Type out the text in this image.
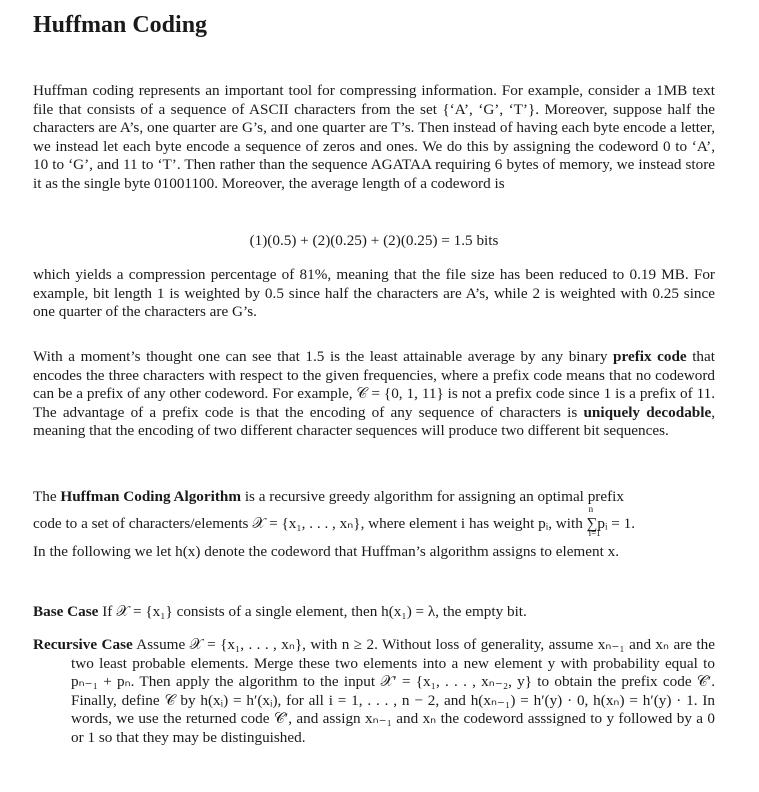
Huffman Coding

Huffman coding represents an important tool for compressing information. For example, consider a 1MB text file that consists of a sequence of ASCII characters from the set {‘A’, ‘G’, ‘T’}. Moreover, suppose half the characters are A’s, one quarter are G’s, and one quarter are T’s. Then instead of having each byte encode a letter, we instead let each byte encode a sequence of zeros and ones. We do this by assigning the codeword 0 to ‘A’, 10 to ‘G’, and 11 to ‘T’. Then rather than the sequence AGATAA requiring 6 bytes of memory, we instead store it as the single byte 01001100. Moreover, the average length of a codeword is

(1)(0.5) + (2)(0.25) + (2)(0.25) = 1.5 bits

which yields a compression percentage of 81%, meaning that the file size has been reduced to 0.19 MB. For example, bit length 1 is weighted by 0.5 since half the characters are A’s, while 2 is weighted with 0.25 since one quarter of the characters are G’s.

With a moment’s thought one can see that 1.5 is the least attainable average by any binary prefix code that encodes the three characters with respect to the given frequencies, where a prefix code means that no codeword can be a prefix of any other codeword. For example, 𝒞 = {0, 1, 11} is not a prefix code since 1 is a prefix of 11. The advantage of a prefix code is that the encoding of any sequence of characters is uniquely decodable, meaning that the encoding of two different character sequences will produce two different bit sequences.

The Huffman Coding Algorithm is a recursive greedy algorithm for assigning an optimal prefix
code to a set of characters/elements 𝒳 = {x₁, . . . , xₙ}, where element i has weight pᵢ, with
n
∑
i=1
pᵢ = 1.
In the following we let h(x) denote the codeword that Huffman’s algorithm assigns to element x.
Base Case If 𝒳 = {x₁} consists of a single element, then h(x₁) = λ, the empty bit.
Recursive Case Assume 𝒳 = {x₁, . . . , xₙ}, with n ≥ 2. Without loss of generality, assume xₙ₋₁ and xₙ are the two least probable elements. Merge these two elements into a new element y with probability equal to pₙ₋₁ + pₙ. Then apply the algorithm to the input 𝒳′ = {x₁, . . . , xₙ₋₂, y} to obtain the prefix code 𝒞′. Finally, define 𝒞 by h(xᵢ) = h′(xᵢ), for all i = 1, . . . , n − 2, and h(xₙ₋₁) = h′(y) · 0, h(xₙ) = h′(y) · 1. In words, we use the returned code 𝒞′, and assign xₙ₋₁ and xₙ the codeword asssigned to y followed by a 0 or 1 so that they may be distinguished.
